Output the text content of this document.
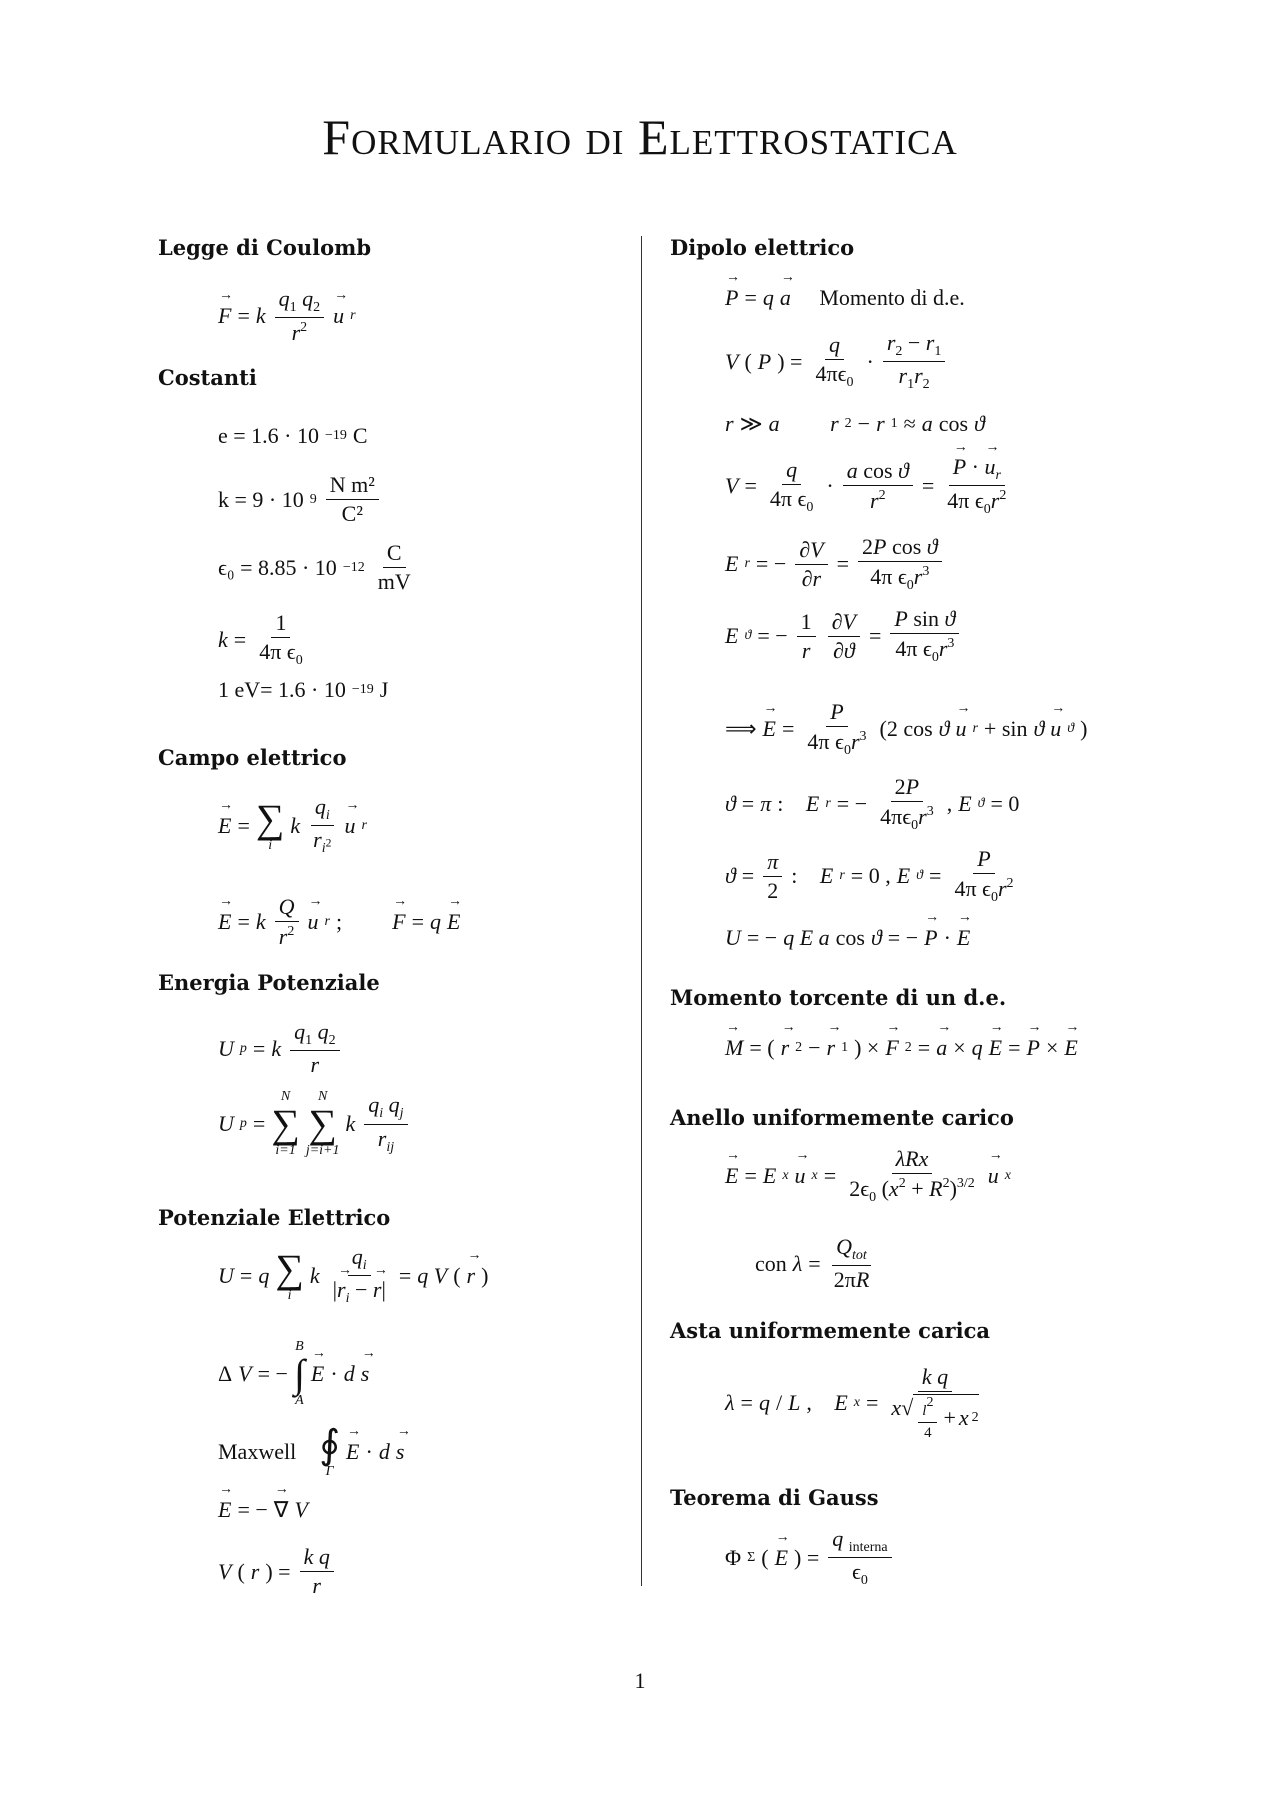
Formulario di Elettrostatica
Legge di Coulomb
→ F = k $\frac{q_1 q_2}{r^2}$
→ u r
Costanti
e = 1.6 · 10 −19 C
k = 9 · 10 $9 \frac{\text{N m²}}{\text{C²}}$
$\epsilon_0 = 8.85 \cdot 10 -12 \frac{C}{mV}$
$k = \frac{1}{4\pi \epsilon_0}$
1 eV= 1.6 · 10 −19 J
Campo elettrico
→ E = ∑
i
k $\frac{q_i}{r_{i^2}}$
→ u r
→ E = k $\frac{Q}{r^2}$
→ u r ;
→ F = q
→ E
Energia Potenziale
U p = k $\frac{q_1 q_2}{r}$
U p =
N
∑
i=1
N
∑
j=i+1
k $\frac{q_i q_j}{r_{ij}}$
Potenziale Elettrico
U = q ∑
i
k $\frac{q_i}{|\to r_i - \to r|} = q$ V (
→ r )
Δ V = −
B
∫
A
→ E · d
→ s
Maxwell
∮
Γ
→ E · d
→ s
→ E = − ∇
→
V
V ( r ) = $\frac{\text{k q}}{r}$
Dipolo elettrico
→ P = q
→ a
Momento di d.e.
V ( P ) = $\frac{q}{4\pi\epsilon_0} \cdot \frac{r_2 - r_1}{r_1r_2}$
r ≫ a
r 2 − r 1 ≈ a cos ϑ
$V = \frac{q}{4\pi \epsilon_0} \cdot \frac{\text{a cos ϑ}}{r^2}$ =
→ $\frac{P \cdot \to u_r}{4\pi \epsilon_0r^2}$
E r = − $\frac{\partial V}{\partial r} = \frac{\text{2P cos ϑ}}{4\pi \epsilon_0r^3}$
E ϑ = − $\frac{1}{r} \frac{\partial V}{\partial ϑ} = \frac{\text{P sin ϑ}}{4\pi \epsilon_0r^3}$
⟹
→ $E = \frac{P}{4\pi \epsilon_0r^3} (2$ cos ϑ
→ u r + sin ϑ
→ u ϑ )
ϑ = π : E r = − $\frac{2P}{4\pi\epsilon_0r^3}$ , E ϑ = 0
$ϑ = \frac{\pi}{2}$ : E r = 0 , E $ϑ = \frac{P}{4\pi \epsilon_0r^2}$
U = − q E a cos ϑ = −
→ P ·
→ E
Momento torcente di un d.e.
→ M = (
→ r 2 −
→ r 1 ) ×
→ F 2 =
→ a × q
→ E =
→ P ×
→ E
Anello uniformemente carico
→ E = E x
→ u $x = \frac{\text{λRx}}{2\epsilon_0 (x^2 + R^2)^{3/2}}$
→ u x
con $\lambda = \frac{Q_{tot}}{2\pi R}$
Asta uniformemente carica
λ = q / L , E $x = \frac{\text{k q}}{x√ \frac{l2}{4} + x 2}$
Teorema di Gauss
Φ Σ (
→ E ) = $\frac{q _{interna}}{\epsilon_0}$
1
